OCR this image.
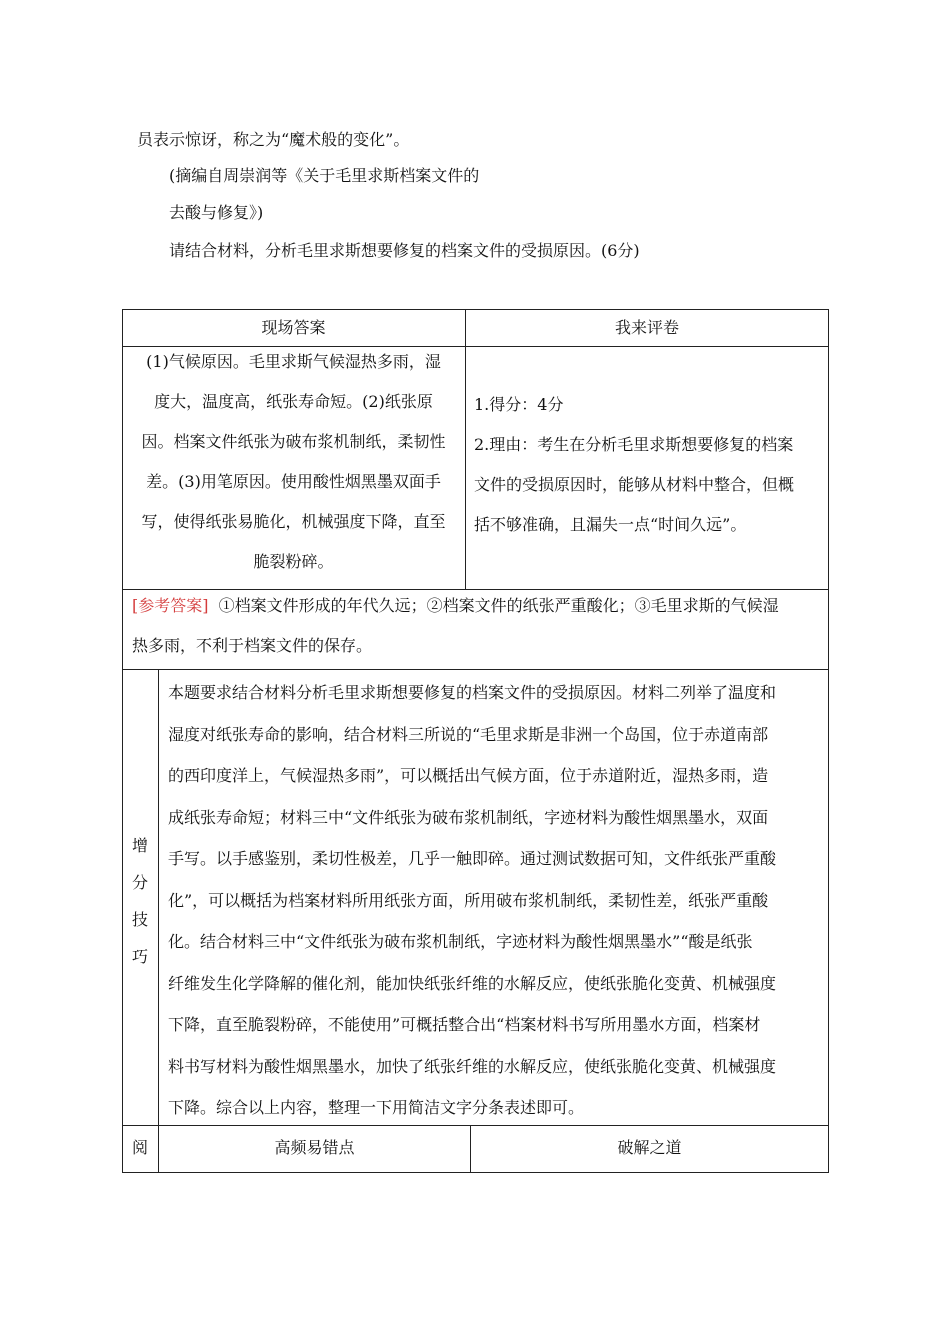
员表示惊讶，称之为“魔术般的变化”。
(摘编自周崇润等《关于毛里求斯档案文件的
去酸与修复》)
请结合材料，分析毛里求斯想要修复的档案文件的受损原因。(6分)
现场答案	我来评卷
(1)气候原因。毛里求斯气候湿热多雨，湿
度大，温度高，纸张寿命短。(2)纸张原
因。档案文件纸张为破布浆机制纸，柔韧性
差。(3)用笔原因。使用酸性烟黑墨双面手
写，使得纸张易脆化，机械强度下降，直至
脆裂粉碎。
1.得分：4分
2.理由：考生在分析毛里求斯想要修复的档案
文件的受损原因时，能够从材料中整合，但概
括不够准确，且漏失一点“时间久远”。
[参考答案] ①档案文件形成的年代久远；②档案文件的纸张严重酸化；③毛里求斯的气候湿
热多雨，不利于档案文件的保存。
增
分
技
巧
本题要求结合材料分析毛里求斯想要修复的档案文件的受损原因。材料二列举了温度和
湿度对纸张寿命的影响，结合材料三所说的“毛里求斯是非洲一个岛国，位于赤道南部
的西印度洋上，气候湿热多雨”，可以概括出气候方面，位于赤道附近，湿热多雨，造
成纸张寿命短；材料三中“文件纸张为破布浆机制纸，字迹材料为酸性烟黑墨水，双面
手写。以手感鉴别，柔切性极差，几乎一触即碎。通过测试数据可知，文件纸张严重酸
化”，可以概括为档案材料所用纸张方面，所用破布浆机制纸，柔韧性差，纸张严重酸
化。结合材料三中“文件纸张为破布浆机制纸，字迹材料为酸性烟黑墨水”“酸是纸张
纤维发生化学降解的催化剂，能加快纸张纤维的水解反应，使纸张脆化变黄、机械强度
下降，直至脆裂粉碎，不能使用”可概括整合出“档案材料书写所用墨水方面，档案材
料书写材料为酸性烟黑墨水，加快了纸张纤维的水解反应，使纸张脆化变黄、机械强度
下降。综合以上内容，整理一下用简洁文字分条表述即可。
阅	高频易错点	破解之道
